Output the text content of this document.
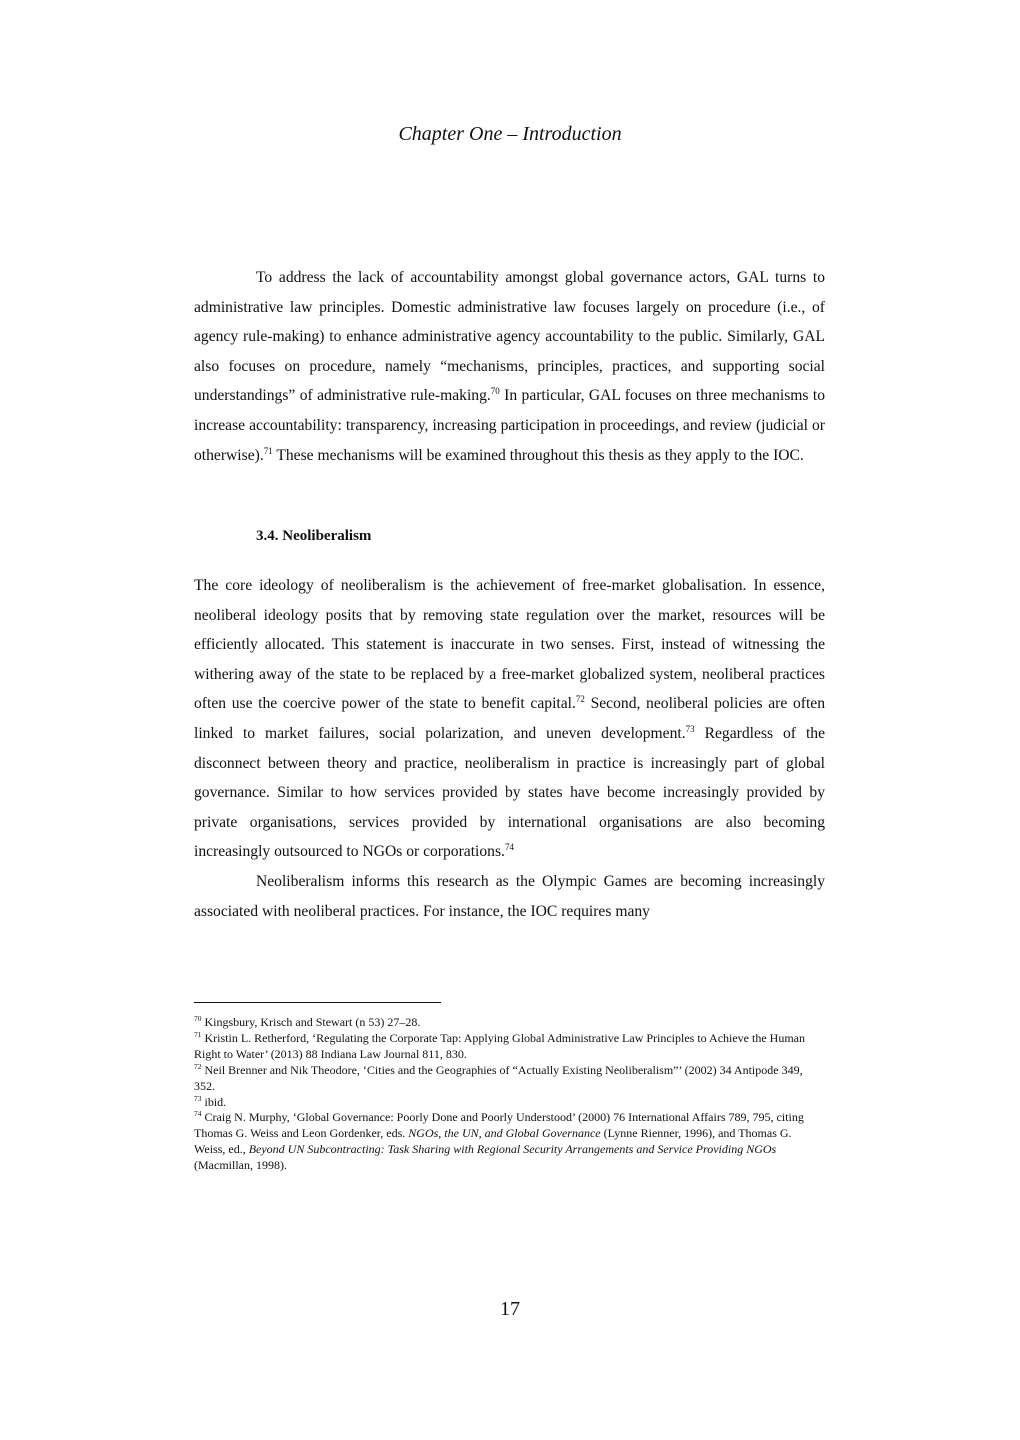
Chapter One – Introduction

To address the lack of accountability amongst global governance actors, GAL turns to administrative law principles. Domestic administrative law focuses largely on procedure (i.e., of agency rule-making) to enhance administrative agency accountability to the public. Similarly, GAL also focuses on procedure, namely “mechanisms, principles, practices, and supporting social understandings” of administrative rule-making.$^{70}$ In particular, GAL focuses on three mechanisms to increase accountability: transparency, increasing participation in proceedings, and review (judicial or otherwise).$^{71}$ These mechanisms will be examined throughout this thesis as they apply to the IOC.

3.4. Neoliberalism

The core ideology of neoliberalism is the achievement of free-market globalisation. In essence, neoliberal ideology posits that by removing state regulation over the market, resources will be efficiently allocated. This statement is inaccurate in two senses. First, instead of witnessing the withering away of the state to be replaced by a free-market globalized system, neoliberal practices often use the coercive power of the state to benefit capital.$^{72}$ Second, neoliberal policies are often linked to market failures, social polarization, and uneven development.$^{73}$ Regardless of the disconnect between theory and practice, neoliberalism in practice is increasingly part of global governance. Similar to how services provided by states have become increasingly provided by private organisations, services provided by international organisations are also becoming increasingly outsourced to NGOs or corporations.$^{74}$

Neoliberalism informs this research as the Olympic Games are becoming increasingly associated with neoliberal practices. For instance, the IOC requires many

$^{70}$ Kingsbury, Krisch and Stewart (n 53) 27–28.

$^{71}$ Kristin L. Retherford, ‘Regulating the Corporate Tap: Applying Global Administrative Law Principles to Achieve the Human Right to Water’ (2013) 88 Indiana Law Journal 811, 830.

$^{72}$ Neil Brenner and Nik Theodore, ‘Cities and the Geographies of “Actually Existing Neoliberalism”’ (2002) 34 Antipode 349, 352.

$^{73}$ ibid.

$^{74}$ Craig N. Murphy, ‘Global Governance: Poorly Done and Poorly Understood’ (2000) 76 International Affairs 789, 795, citing Thomas G. Weiss and Leon Gordenker, eds. NGOs, the UN, and Global Governance (Lynne Rienner, 1996), and Thomas G. Weiss, ed., Beyond UN Subcontracting: Task Sharing with Regional Security Arrangements and Service Providing NGOs (Macmillan, 1998).

17
